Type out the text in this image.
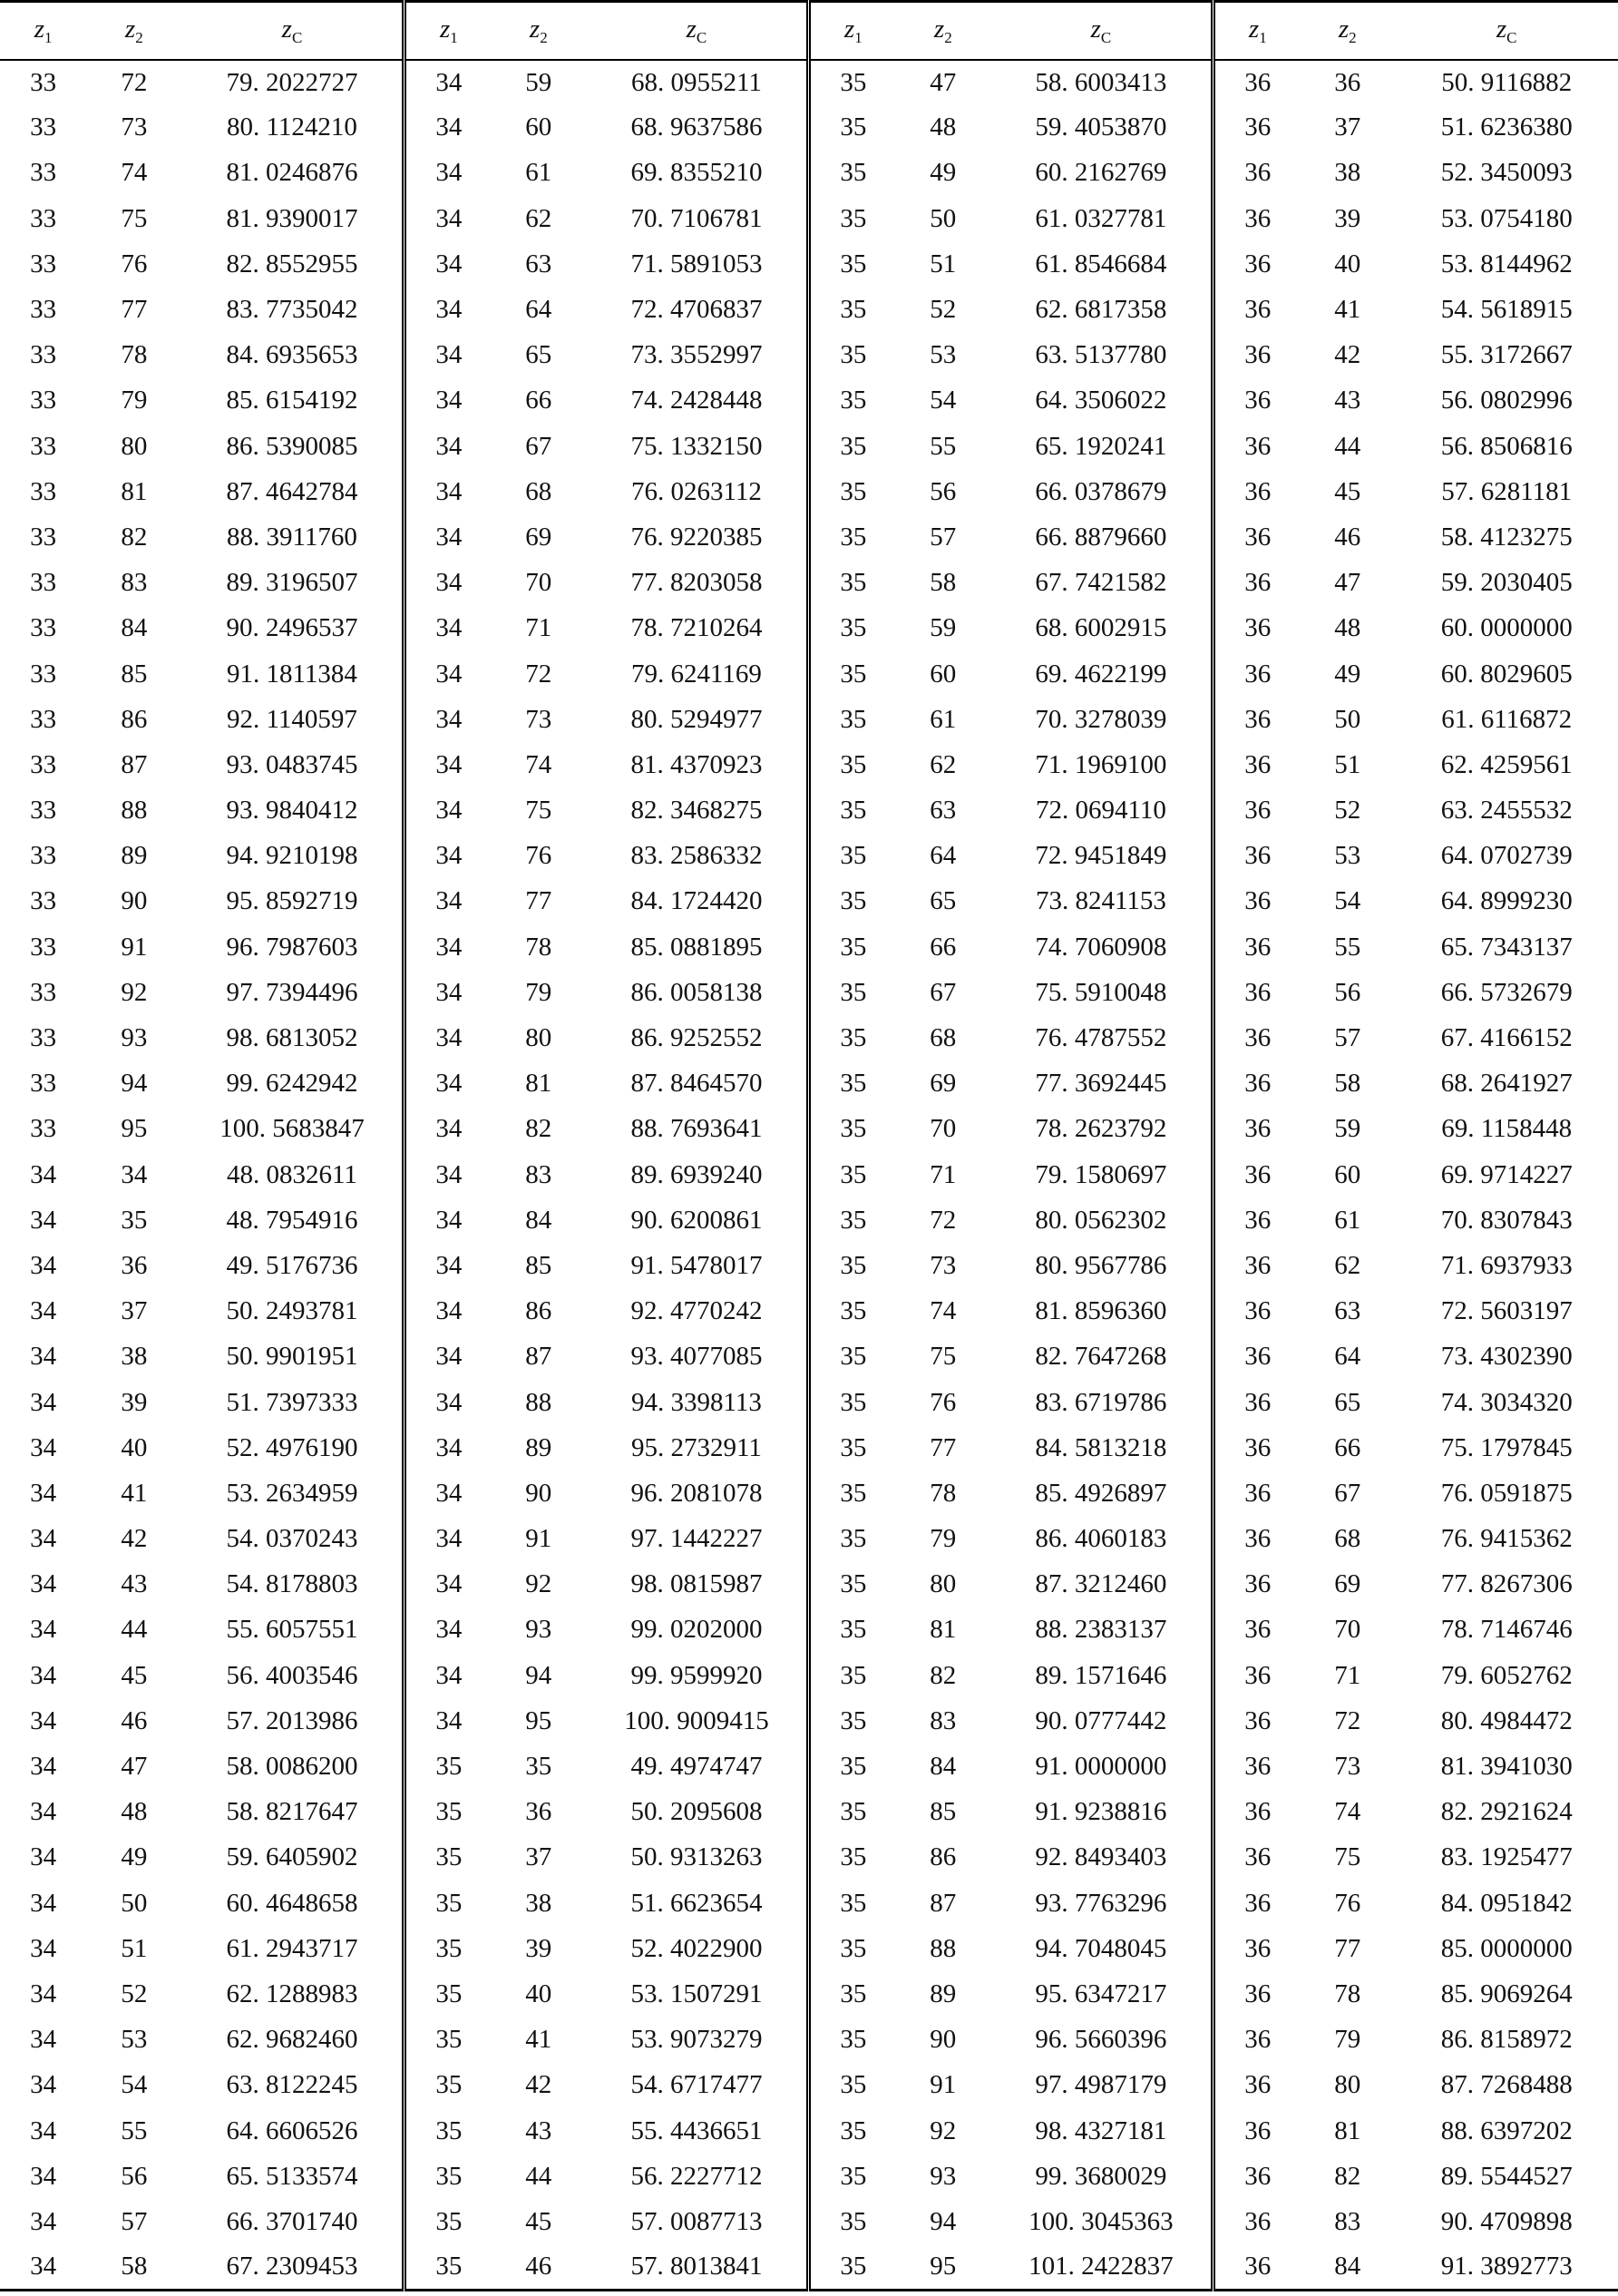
$z_1$	$z_2$	$z_C$	$z_1$	$z_2$	$z_C$	$z_1$	$z_2$	$z_C$	$z_1$	$z_2$	$z_C$
33	72	79. 2022727	34	59	68. 0955211	35	47	58. 6003413	36	36	50. 9116882
33	73	80. 1124210	34	60	68. 9637586	35	48	59. 4053870	36	37	51. 6236380
33	74	81. 0246876	34	61	69. 8355210	35	49	60. 2162769	36	38	52. 3450093
33	75	81. 9390017	34	62	70. 7106781	35	50	61. 0327781	36	39	53. 0754180
33	76	82. 8552955	34	63	71. 5891053	35	51	61. 8546684	36	40	53. 8144962
33	77	83. 7735042	34	64	72. 4706837	35	52	62. 6817358	36	41	54. 5618915
33	78	84. 6935653	34	65	73. 3552997	35	53	63. 5137780	36	42	55. 3172667
33	79	85. 6154192	34	66	74. 2428448	35	54	64. 3506022	36	43	56. 0802996
33	80	86. 5390085	34	67	75. 1332150	35	55	65. 1920241	36	44	56. 8506816
33	81	87. 4642784	34	68	76. 0263112	35	56	66. 0378679	36	45	57. 6281181
33	82	88. 3911760	34	69	76. 9220385	35	57	66. 8879660	36	46	58. 4123275
33	83	89. 3196507	34	70	77. 8203058	35	58	67. 7421582	36	47	59. 2030405
33	84	90. 2496537	34	71	78. 7210264	35	59	68. 6002915	36	48	60. 0000000
33	85	91. 1811384	34	72	79. 6241169	35	60	69. 4622199	36	49	60. 8029605
33	86	92. 1140597	34	73	80. 5294977	35	61	70. 3278039	36	50	61. 6116872
33	87	93. 0483745	34	74	81. 4370923	35	62	71. 1969100	36	51	62. 4259561
33	88	93. 9840412	34	75	82. 3468275	35	63	72. 0694110	36	52	63. 2455532
33	89	94. 9210198	34	76	83. 2586332	35	64	72. 9451849	36	53	64. 0702739
33	90	95. 8592719	34	77	84. 1724420	35	65	73. 8241153	36	54	64. 8999230
33	91	96. 7987603	34	78	85. 0881895	35	66	74. 7060908	36	55	65. 7343137
33	92	97. 7394496	34	79	86. 0058138	35	67	75. 5910048	36	56	66. 5732679
33	93	98. 6813052	34	80	86. 9252552	35	68	76. 4787552	36	57	67. 4166152
33	94	99. 6242942	34	81	87. 8464570	35	69	77. 3692445	36	58	68. 2641927
33	95	100. 5683847	34	82	88. 7693641	35	70	78. 2623792	36	59	69. 1158448
34	34	48. 0832611	34	83	89. 6939240	35	71	79. 1580697	36	60	69. 9714227
34	35	48. 7954916	34	84	90. 6200861	35	72	80. 0562302	36	61	70. 8307843
34	36	49. 5176736	34	85	91. 5478017	35	73	80. 9567786	36	62	71. 6937933
34	37	50. 2493781	34	86	92. 4770242	35	74	81. 8596360	36	63	72. 5603197
34	38	50. 9901951	34	87	93. 4077085	35	75	82. 7647268	36	64	73. 4302390
34	39	51. 7397333	34	88	94. 3398113	35	76	83. 6719786	36	65	74. 3034320
34	40	52. 4976190	34	89	95. 2732911	35	77	84. 5813218	36	66	75. 1797845
34	41	53. 2634959	34	90	96. 2081078	35	78	85. 4926897	36	67	76. 0591875
34	42	54. 0370243	34	91	97. 1442227	35	79	86. 4060183	36	68	76. 9415362
34	43	54. 8178803	34	92	98. 0815987	35	80	87. 3212460	36	69	77. 8267306
34	44	55. 6057551	34	93	99. 0202000	35	81	88. 2383137	36	70	78. 7146746
34	45	56. 4003546	34	94	99. 9599920	35	82	89. 1571646	36	71	79. 6052762
34	46	57. 2013986	34	95	100. 9009415	35	83	90. 0777442	36	72	80. 4984472
34	47	58. 0086200	35	35	49. 4974747	35	84	91. 0000000	36	73	81. 3941030
34	48	58. 8217647	35	36	50. 2095608	35	85	91. 9238816	36	74	82. 2921624
34	49	59. 6405902	35	37	50. 9313263	35	86	92. 8493403	36	75	83. 1925477
34	50	60. 4648658	35	38	51. 6623654	35	87	93. 7763296	36	76	84. 0951842
34	51	61. 2943717	35	39	52. 4022900	35	88	94. 7048045	36	77	85. 0000000
34	52	62. 1288983	35	40	53. 1507291	35	89	95. 6347217	36	78	85. 9069264
34	53	62. 9682460	35	41	53. 9073279	35	90	96. 5660396	36	79	86. 8158972
34	54	63. 8122245	35	42	54. 6717477	35	91	97. 4987179	36	80	87. 7268488
34	55	64. 6606526	35	43	55. 4436651	35	92	98. 4327181	36	81	88. 6397202
34	56	65. 5133574	35	44	56. 2227712	35	93	99. 3680029	36	82	89. 5544527
34	57	66. 3701740	35	45	57. 0087713	35	94	100. 3045363	36	83	90. 4709898
34	58	67. 2309453	35	46	57. 8013841	35	95	101. 2422837	36	84	91. 3892773
